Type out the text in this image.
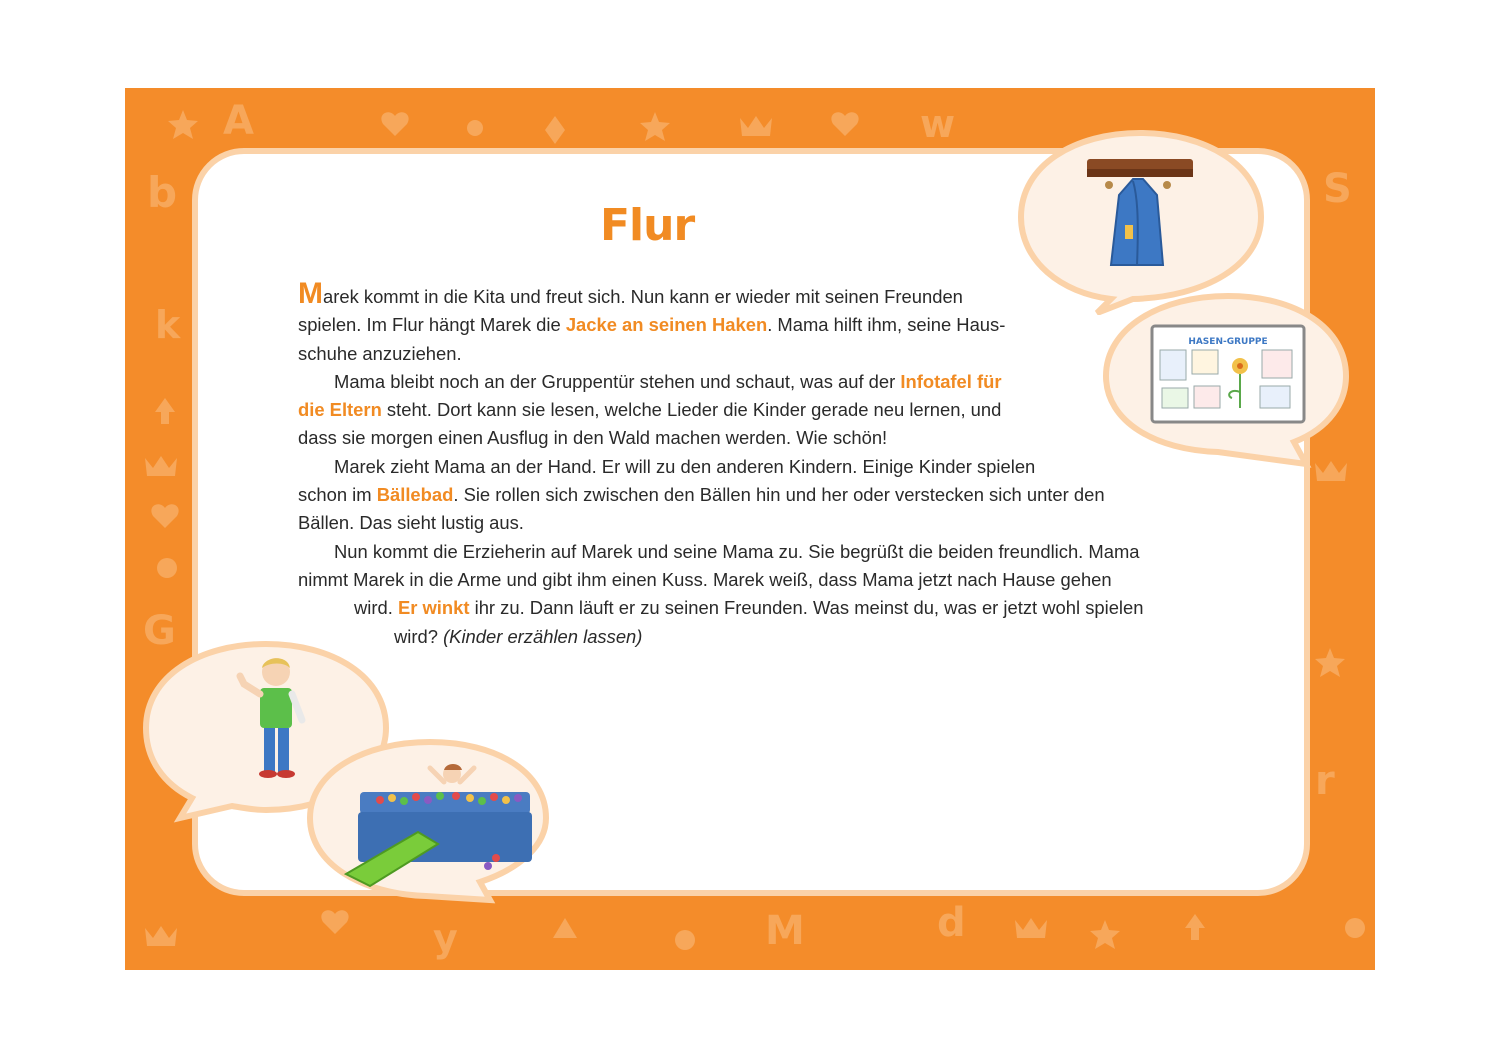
A	w
b	S
k
G
M	d
y
r
HASEN-GRUPPE
Flur

Marek kommt in die Kita und freut sich. Nun kann er wieder mit seinen Freunden
spielen. Im Flur hängt Marek die Jacke an seinen Haken. Mama hilft ihm, seine Haus-
schuhe anzuziehen.

Mama bleibt noch an der Gruppentür stehen und schaut, was auf der Infotafel für
die Eltern steht. Dort kann sie lesen, welche Lieder die Kinder gerade neu lernen, und
dass sie morgen einen Ausflug in den Wald machen werden. Wie schön!

Marek zieht Mama an der Hand. Er will zu den anderen Kindern. Einige Kinder spielen
schon im Bällebad. Sie rollen sich zwischen den Bällen hin und her oder verstecken sich unter den
Bällen. Das sieht lustig aus.

Nun kommt die Erzieherin auf Marek und seine Mama zu. Sie begrüßt die beiden freundlich. Mama
nimmt Marek in die Arme und gibt ihm einen Kuss. Marek weiß, dass Mama jetzt nach Hause gehen
wird. Er winkt ihr zu. Dann läuft er zu seinen Freunden. Was meinst du, was er jetzt wohl spielen
wird? (Kinder erzählen lassen)
